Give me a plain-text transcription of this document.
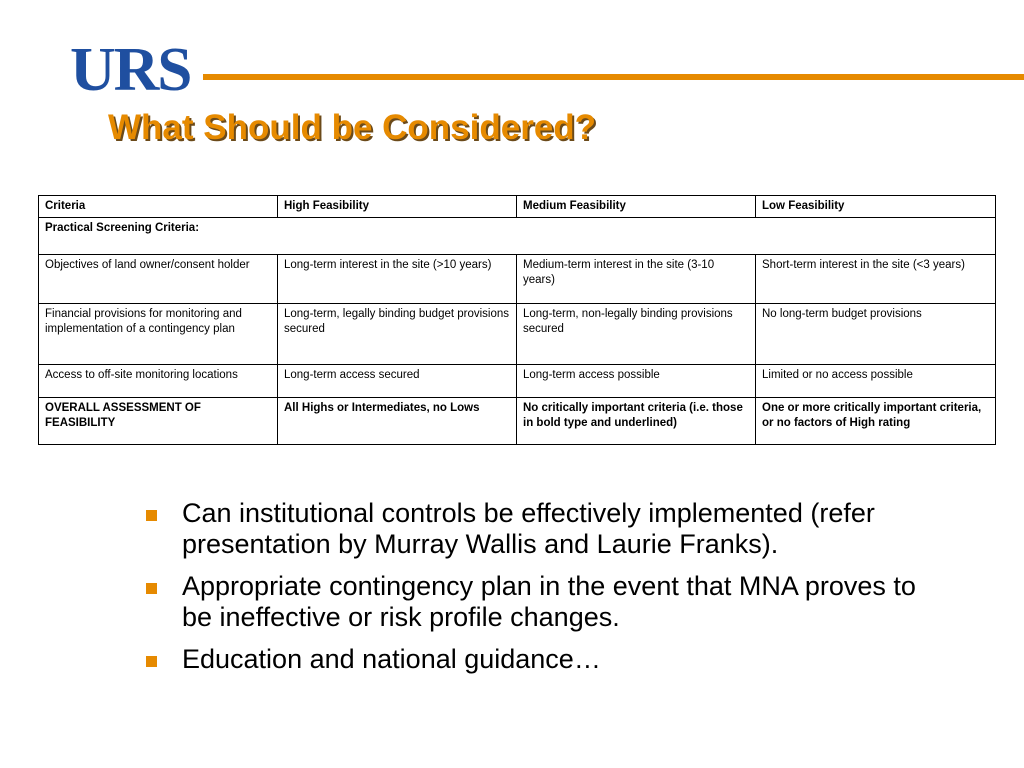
URS
What Should be Considered?
Criteria	High Feasibility	Medium Feasibility	Low Feasibility
Practical Screening Criteria:			
Objectives of land owner/consent holder	Long-term interest in the site (>10 years)	Medium-term interest in the site (3-10 years)	Short-term interest in the site (<3 years)
Financial provisions for monitoring and implementation of a contingency plan	Long-term, legally binding budget provisions secured	Long-term, non-legally binding provisions secured	No long-term budget provisions
Access to off-site monitoring locations	Long-term access secured	Long-term access possible	Limited or no access possible
OVERALL ASSESSMENT OF FEASIBILITY	All Highs or Intermediates, no Lows	No critically important criteria (i.e. those in bold type and underlined)	One or more critically important criteria, or no factors of High rating
Can institutional controls be effectively implemented (refer presentation by Murray Wallis and Laurie Franks).
Appropriate contingency plan in the event that MNA proves to be ineffective or risk profile changes.
Education and national guidance…
